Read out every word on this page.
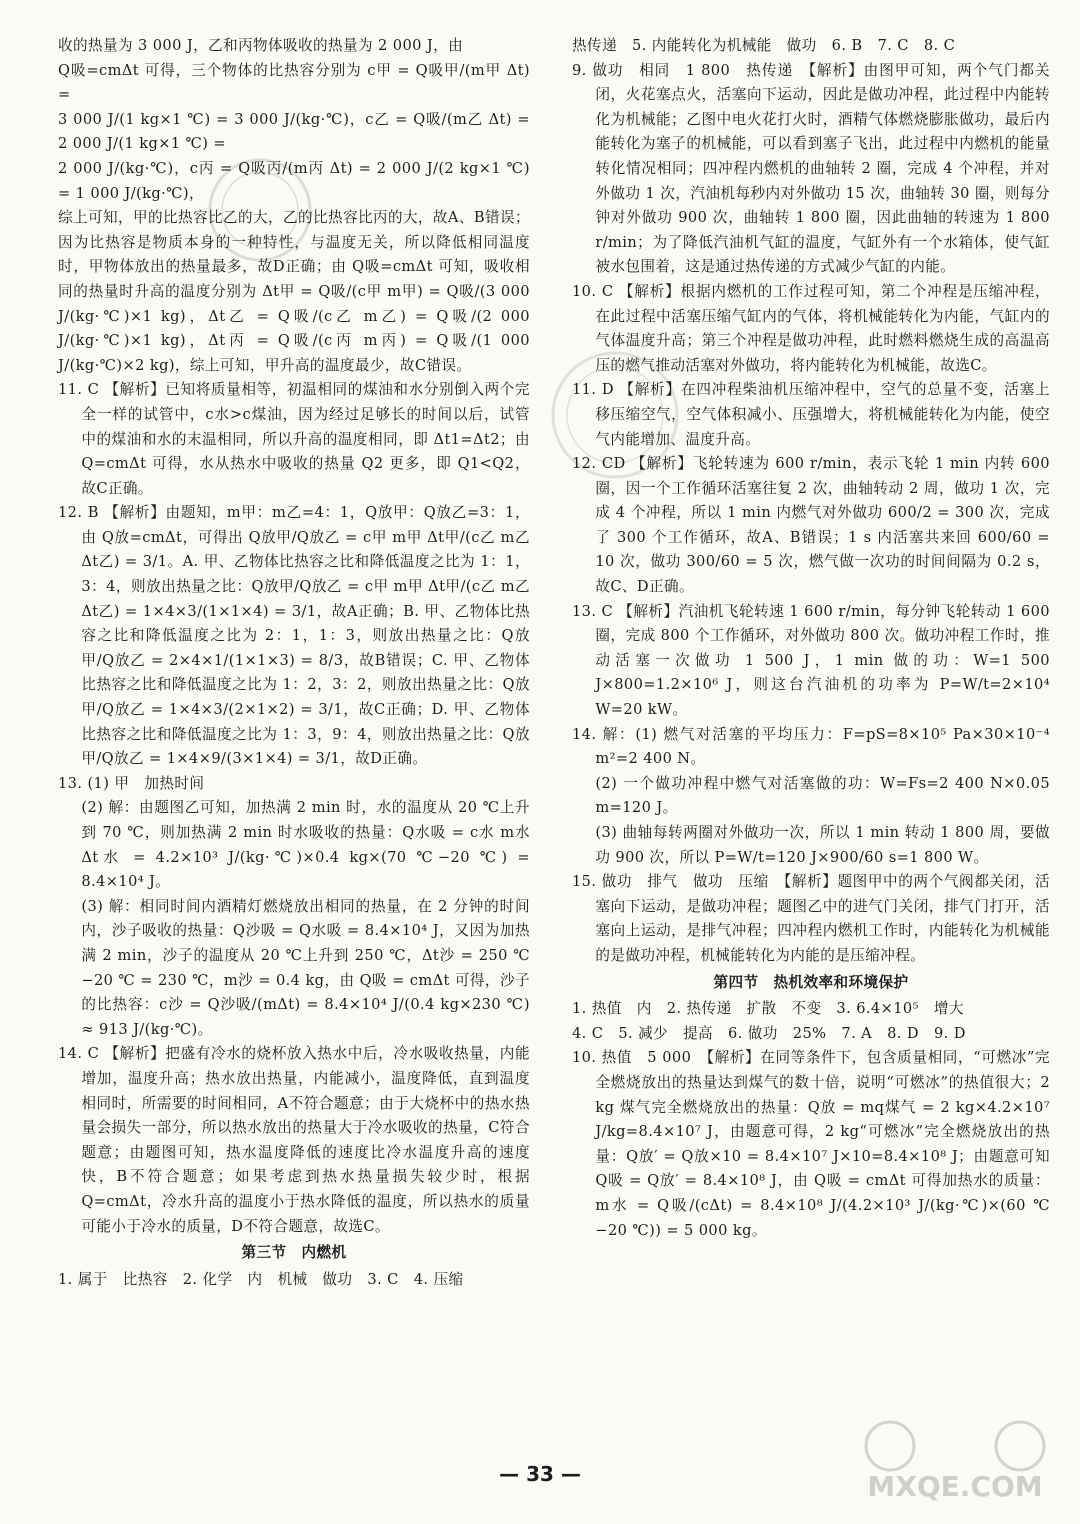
收的热量为 3 000 J，乙和丙物体吸收的热量为 2 000 J，由

Q吸=cmΔt 可得，三个物体的比热容分别为 c甲 = Q吸甲/(m甲 Δt) =

3 000 J/(1 kg×1 ℃) = 3 000 J/(kg·℃)，c乙 = Q吸/(m乙 Δt) = 2 000 J/(1 kg×1 ℃) =

2 000 J/(kg·℃)，c丙 = Q吸丙/(m丙 Δt) = 2 000 J/(2 kg×1 ℃) = 1 000 J/(kg·℃)，

综上可知，甲的比热容比乙的大，乙的比热容比丙的大，故A、B错误；因为比热容是物质本身的一种特性，与温度无关，所以降低相同温度时，甲物体放出的热量最多，故D正确；由 Q吸=cmΔt 可知，吸收相同的热量时升高的温度分别为 Δt甲 = Q吸/(c甲 m甲) = Q吸/(3 000 J/(kg·℃)×1 kg)，Δt乙 = Q吸/(c乙 m乙) = Q吸/(2 000 J/(kg·℃)×1 kg)，Δt丙 = Q吸/(c丙 m丙) = Q吸/(1 000 J/(kg·℃)×2 kg)，综上可知，甲升高的温度最少，故C错误。

11. C 【解析】已知将质量相等，初温相同的煤油和水分别倒入两个完全一样的试管中，c水>c煤油，因为经过足够长的时间以后，试管中的煤油和水的末温相同，所以升高的温度相同，即 Δt1=Δt2；由 Q=cmΔt 可得，水从热水中吸收的热量 Q2 更多，即 Q1<Q2，故C正确。

12. B 【解析】由题知，m甲：m乙=4：1，Q放甲：Q放乙=3：1，由 Q放=cmΔt，可得出 Q放甲/Q放乙 = c甲 m甲 Δt甲/(c乙 m乙 Δt乙) = 3/1。A. 甲、乙物体比热容之比和降低温度之比为 1：1，3：4，则放出热量之比：Q放甲/Q放乙 = c甲 m甲 Δt甲/(c乙 m乙 Δt乙) = 1×4×3/(1×1×4) = 3/1，故A正确；B. 甲、乙物体比热容之比和降低温度之比为 2：1，1：3，则放出热量之比：Q放甲/Q放乙 = 2×4×1/(1×1×3) = 8/3，故B错误；C. 甲、乙物体比热容之比和降低温度之比为 1：2，3：2，则放出热量之比：Q放甲/Q放乙 = 1×4×3/(2×1×2) = 3/1，故C正确；D. 甲、乙物体比热容之比和降低温度之比为 1：3，9：4，则放出热量之比：Q放甲/Q放乙 = 1×4×9/(3×1×4) = 3/1，故D正确。

13. (1) 甲　加热时间

(2) 解：由题图乙可知，加热满 2 min 时，水的温度从 20 ℃上升到 70 ℃，则加热满 2 min 时水吸收的热量：Q水吸 = c水 m水 Δt水 = 4.2×10³ J/(kg·℃)×0.4 kg×(70 ℃−20 ℃) = 8.4×10⁴ J。

(3) 解：相同时间内酒精灯燃烧放出相同的热量，在 2 分钟的时间内，沙子吸收的热量：Q沙吸 = Q水吸 = 8.4×10⁴ J，又因为加热满 2 min，沙子的温度从 20 ℃上升到 250 ℃，Δt沙 = 250 ℃−20 ℃ = 230 ℃，m沙 = 0.4 kg，由 Q吸 = cmΔt 可得，沙子的比热容：c沙 = Q沙吸/(mΔt) = 8.4×10⁴ J/(0.4 kg×230 ℃) ≈ 913 J/(kg·℃)。

14. C 【解析】把盛有冷水的烧杯放入热水中后，冷水吸收热量，内能增加，温度升高；热水放出热量，内能减小，温度降低，直到温度相同时，所需要的时间相同，A不符合题意；由于大烧杯中的热水热量会损失一部分，所以热水放出的热量大于冷水吸收的热量，C符合题意；由题图可知，热水温度降低的速度比冷水温度升高的速度快，B不符合题意；如果考虑到热水热量损失较少时，根据 Q=cmΔt，冷水升高的温度小于热水降低的温度，所以热水的质量可能小于冷水的质量，D不符合题意，故选C。

第三节　内燃机

1. 属于　比热容　2. 化学　内　机械　做功　3. C　4. 压缩

热传递　5. 内能转化为机械能　做功　6. B　7. C　8. C

9. 做功　相同　1 800　热传递　【解析】由图甲可知，两个气门都关闭，火花塞点火，活塞向下运动，因此是做功冲程，此过程中内能转化为机械能；乙图中电火花打火时，酒精气体燃烧膨胀做功，最后内能转化为塞子的机械能，可以看到塞子飞出，此过程中内燃机的能量转化情况相同；四冲程内燃机的曲轴转 2 圈，完成 4 个冲程，并对外做功 1 次，汽油机每秒内对外做功 15 次，曲轴转 30 圈，则每分钟对外做功 900 次，曲轴转 1 800 圈，因此曲轴的转速为 1 800 r/min；为了降低汽油机气缸的温度，气缸外有一个水箱体，使气缸被水包围着，这是通过热传递的方式减少气缸的内能。

10. C 【解析】根据内燃机的工作过程可知，第二个冲程是压缩冲程，在此过程中活塞压缩气缸内的气体，将机械能转化为内能，气缸内的气体温度升高；第三个冲程是做功冲程，此时燃料燃烧生成的高温高压的燃气推动活塞对外做功，将内能转化为机械能，故选C。

11. D 【解析】在四冲程柴油机压缩冲程中，空气的总量不变，活塞上移压缩空气，空气体积减小、压强增大，将机械能转化为内能，使空气内能增加、温度升高。

12. CD 【解析】飞轮转速为 600 r/min，表示飞轮 1 min 内转 600 圈，因一个工作循环活塞往复 2 次，曲轴转动 2 周，做功 1 次，完成 4 个冲程，所以 1 min 内燃气对外做功 600/2 = 300 次，完成了 300 个工作循环，故A、B错误；1 s 内活塞共来回 600/60 = 10 次，做功 300/60 = 5 次，燃气做一次功的时间间隔为 0.2 s，故C、D正确。

13. C 【解析】汽油机飞轮转速 1 600 r/min，每分钟飞轮转动 1 600圈，完成 800 个工作循环，对外做功 800 次。做功冲程工作时，推动活塞一次做功 1 500 J，1 min 做的功：W=1 500 J×800=1.2×10⁶ J，则这台汽油机的功率为 P=W/t=2×10⁴ W=20 kW。

14. 解：(1) 燃气对活塞的平均压力：F=pS=8×10⁵ Pa×30×10⁻⁴ m²=2 400 N。

(2) 一个做功冲程中燃气对活塞做的功：W=Fs=2 400 N×0.05 m=120 J。

(3) 曲轴每转两圈对外做功一次，所以 1 min 转动 1 800 周，要做功 900 次，所以 P=W/t=120 J×900/60 s=1 800 W。

15. 做功　排气　做功　压缩　【解析】题图甲中的两个气阀都关闭，活塞向下运动，是做功冲程；题图乙中的进气门关闭，排气门打开，活塞向上运动，是排气冲程；四冲程内燃机工作时，内能转化为机械能的是做功冲程，机械能转化为内能的是压缩冲程。

第四节　热机效率和环境保护

1. 热值　内　2. 热传递　扩散　不变　3. 6.4×10⁵　增大

4. C　5. 减少　提高　6. 做功　25%　7. A　8. D　9. D

10. 热值　5 000　【解析】在同等条件下，包含质量相同，“可燃冰”完全燃烧放出的热量达到煤气的数十倍，说明“可燃冰”的热值很大；2 kg 煤气完全燃烧放出的热量：Q放 = mq煤气 = 2 kg×4.2×10⁷ J/kg=8.4×10⁷ J，由题意可得，2 kg“可燃冰”完全燃烧放出的热量：Q放′ = Q放×10 = 8.4×10⁷ J×10=8.4×10⁸ J；由题意可知 Q吸 = Q放′ = 8.4×10⁸ J，由 Q吸 = cmΔt 可得加热水的质量：m水 = Q吸/(cΔt) = 8.4×10⁸ J/(4.2×10³ J/(kg·℃)×(60 ℃−20 ℃)) = 5 000 kg。

— 33 —	MXQE.COM
